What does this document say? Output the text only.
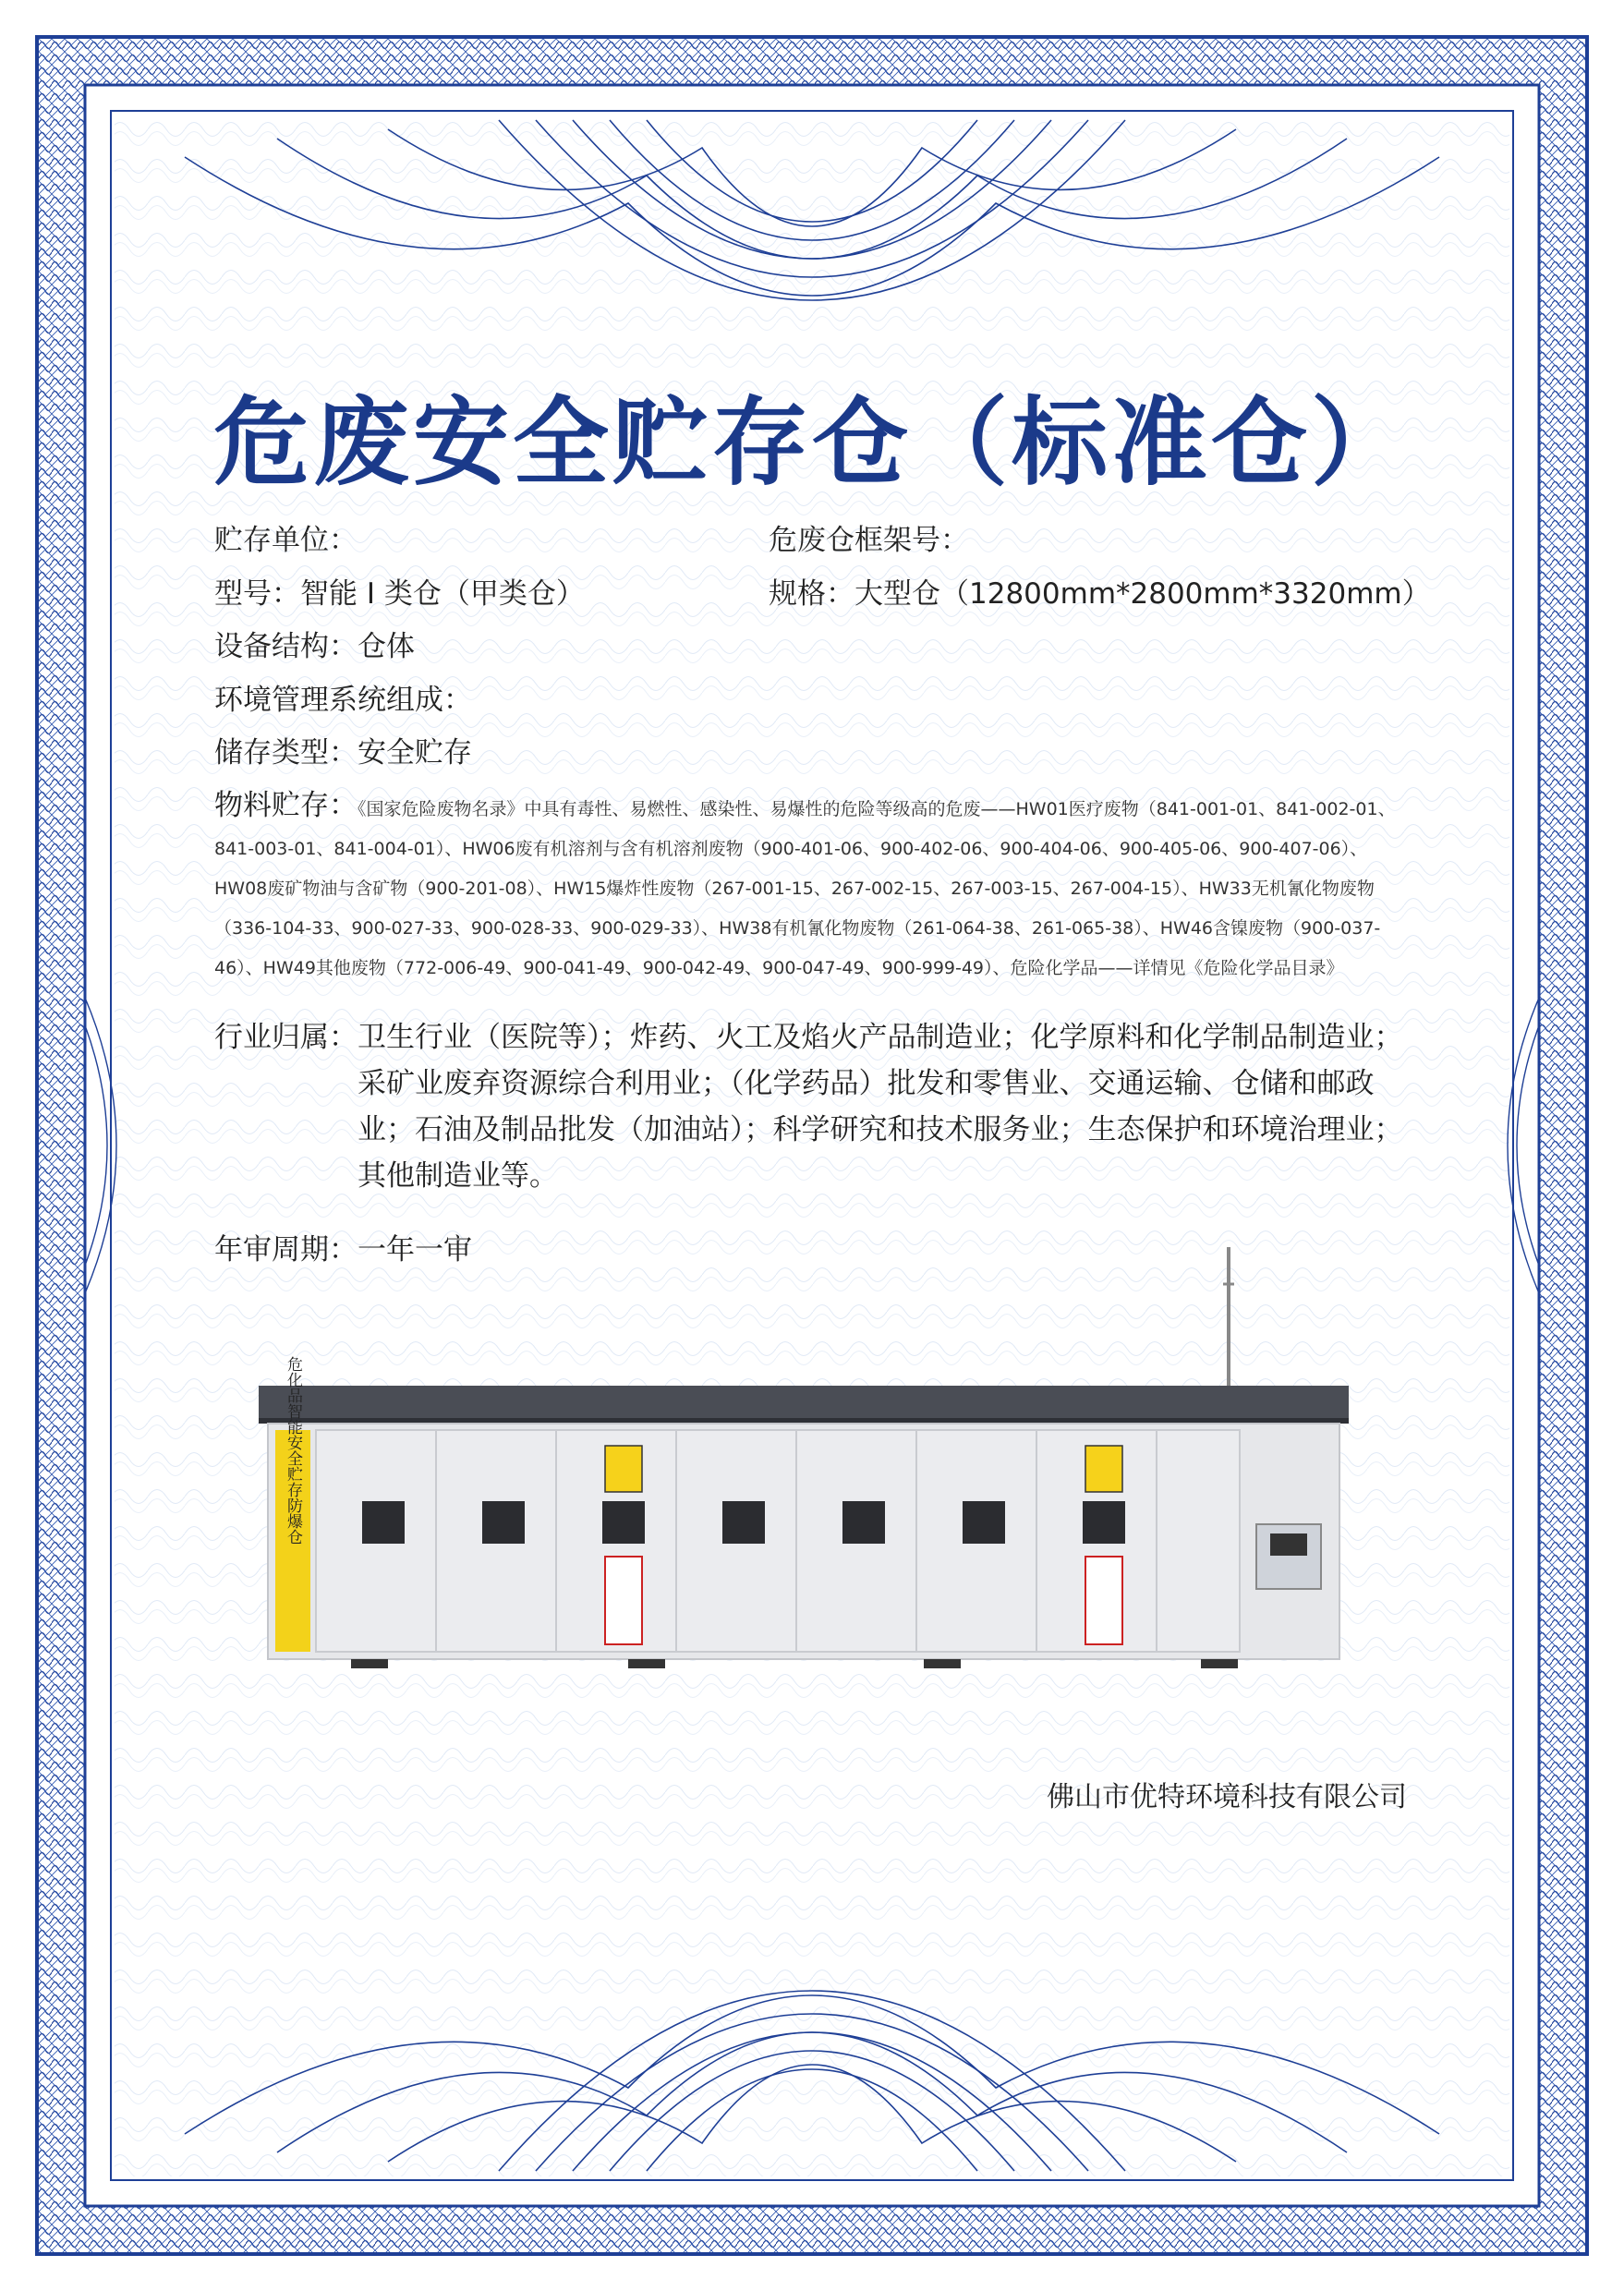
危废安全贮存仓（标准仓）
贮存单位：	危废仓框架号：
型号：智能 I 类仓（甲类仓）	规格：大型仓（12800mm*2800mm*3320mm）
设备结构：仓体
环境管理系统组成：
储存类型：安全贮存
物料贮存：《国家危险废物名录》中具有毒性、易燃性、感染性、易爆性的危险等级高的危废——HW01医疗废物（841-001-01、841-002-01、841-003-01、841-004-01）、HW06废有机溶剂与含有机溶剂废物（900-401-06、900-402-06、900-404-06、900-405-06、900-407-06）、HW08废矿物油与含矿物（900-201-08）、HW15爆炸性废物（267-001-15、267-002-15、267-003-15、267-004-15）、HW33无机氰化物废物（336-104-33、900-027-33、900-028-33、900-029-33）、HW38有机氰化物废物（261-064-38、261-065-38）、HW46含镍废物（900-037-46）、HW49其他废物（772-006-49、900-041-49、900-042-49、900-047-49、900-999-49）、危险化学品——详情见《危险化学品目录》
行业归属： 卫生行业（医院等）；炸药、火工及焰火产品制造业；化学原料和化学制品制造业；采矿业废弃资源综合利用业；（化学药品）批发和零售业、交通运输、仓储和邮政业；石油及制品批发（加油站）；科学研究和技术服务业；生态保护和环境治理业；其他制造业等。
年审周期：一年一审
危化品智能安全贮存防爆仓
佛山市优特环境科技有限公司
